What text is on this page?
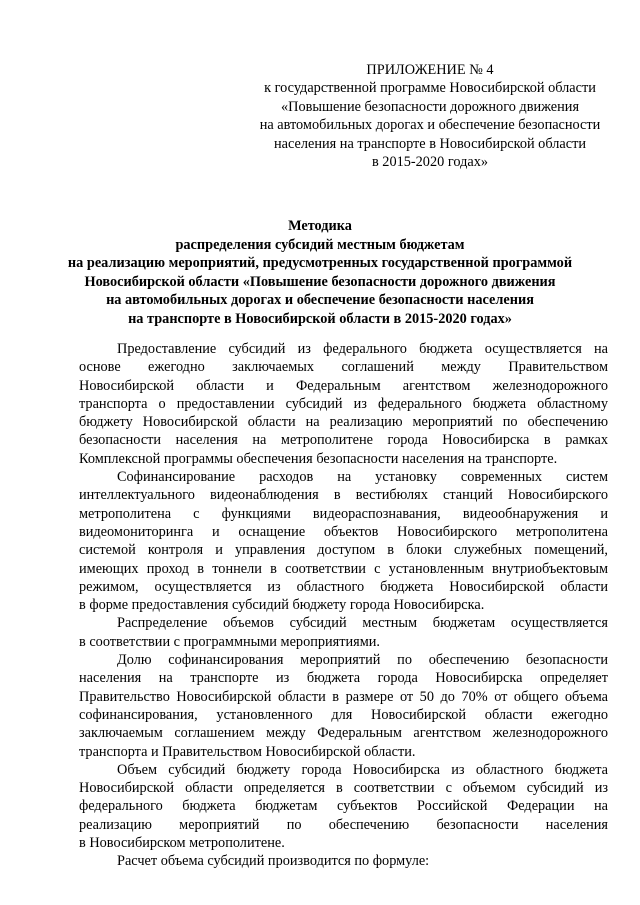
ПРИЛОЖЕНИЕ № 4
к государственной программе Новосибирской области
«Повышение безопасности дорожного движения
на автомобильных дорогах и обеспечение безопасности
населения на транспорте в Новосибирской области
в 2015-2020 годах»
Методика
распределения субсидий местным бюджетам
на реализацию мероприятий, предусмотренных государственной программой
Новосибирской области «Повышение безопасности дорожного движения
на автомобильных дорогах и обеспечение безопасности населения
на транспорте в Новосибирской области в 2015-2020 годах»
Предоставление субсидий из федерального бюджета осуществляется на
основе ежегодно заключаемых соглашений между Правительством
Новосибирской области и Федеральным агентством железнодорожного
транспорта о предоставлении субсидий из федерального бюджета областному
бюджету Новосибирской области на реализацию мероприятий по обеспечению
безопасности населения на метрополитене города Новосибирска в рамках
Комплексной программы обеспечения безопасности населения на транспорте.
Софинансирование расходов на установку современных систем
интеллектуального видеонаблюдения в вестибюлях станций Новосибирского
метрополитена с функциями видеораспознавания, видеообнаружения и
видеомониторинга и оснащение объектов Новосибирского метрополитена
системой контроля и управления доступом в блоки служебных помещений,
имеющих проход в тоннели в соответствии с установленным внутриобъектовым
режимом, осуществляется из областного бюджета Новосибирской области
в форме предоставления субсидий бюджету города Новосибирска.
Распределение объемов субсидий местным бюджетам осуществляется
в соответствии с программными мероприятиями.
Долю софинансирования мероприятий по обеспечению безопасности
населения на транспорте из бюджета города Новосибирска определяет
Правительство Новосибирской области в размере от 50 до 70% от общего объема
софинансирования, установленного для Новосибирской области ежегодно
заключаемым соглашением между Федеральным агентством железнодорожного
транспорта и Правительством Новосибирской области.
Объем субсидий бюджету города Новосибирска из областного бюджета
Новосибирской области определяется в соответствии с объемом субсидий из
федерального бюджета бюджетам субъектов Российской Федерации на
реализацию мероприятий по обеспечению безопасности населения
в Новосибирском метрополитене.
Расчет объема субсидий производится по формуле:
